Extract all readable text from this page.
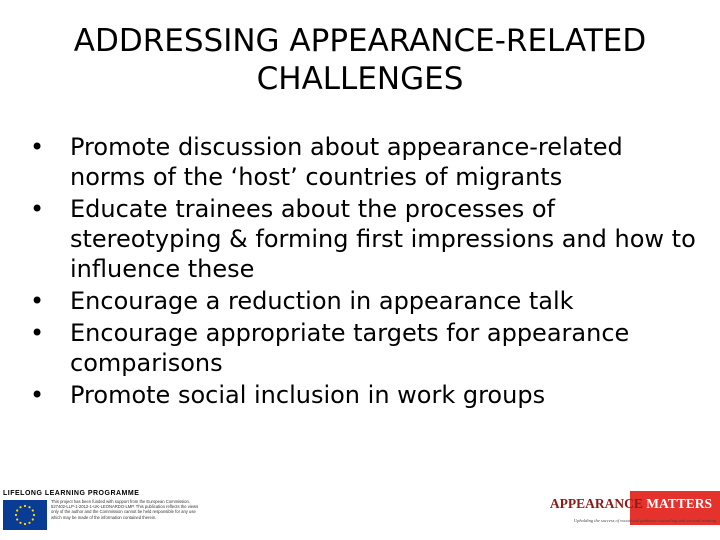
ADDRESSING APPEARANCE-RELATED
CHALLENGES
• Promote discussion about appearance-related norms of the ‘host’ countries of migrants
• Educate trainees about the processes of stereotyping & forming first impressions and how to influence these
• Encourage a reduction in appearance talk
• Encourage appropriate targets for appearance comparisons
• Promote social inclusion in work groups
LIFELONG LEARNING PROGRAMME
This project has been funded with support from the European Commission. 527402-LLP-1-2012-1-UK-LEONARDO-LMP. This publication reflects the views only of the author and the Commission cannot be held responsible for any use which may be made of the information contained therein.
APPEARANCE MATTERS
Upholding the success of vocational guidance counseling and societal training
